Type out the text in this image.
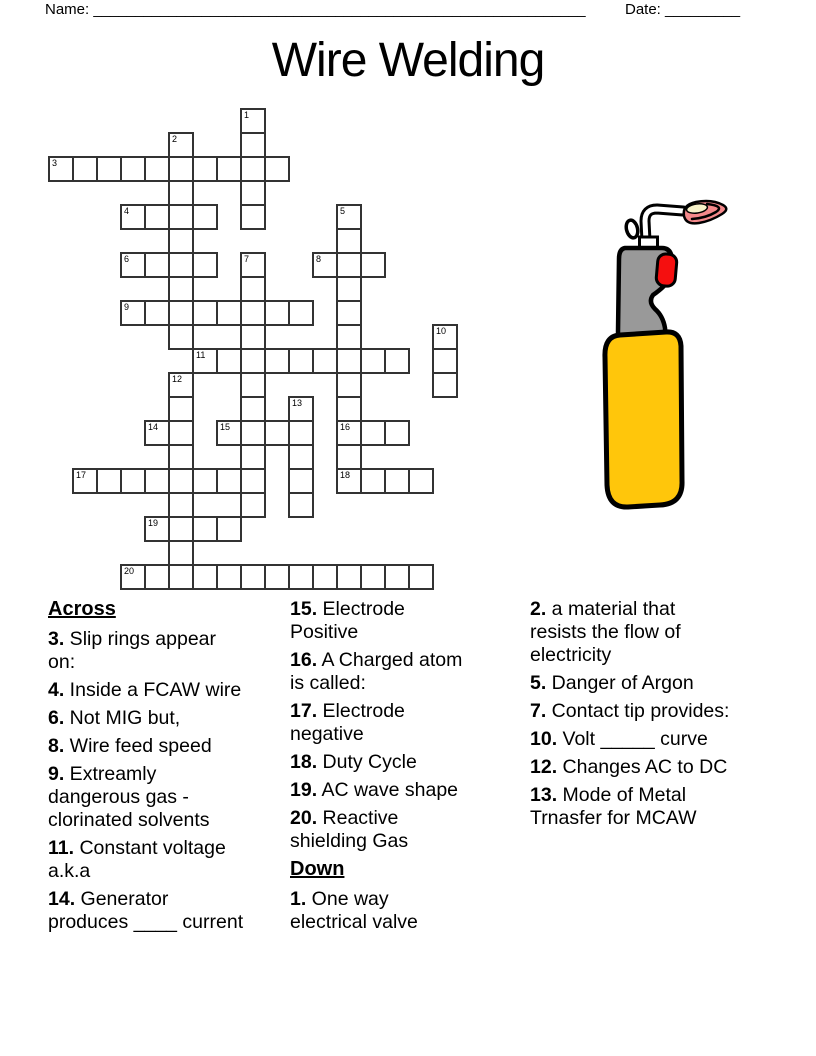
Name: ___________________________________________________________	Date: _________
Wire Welding
1
2
3
4	5
16
18
6	7	8
9
10
11
12
13
14	15
17
19
20
Across
3. Slip rings appear on:
4. Inside a FCAW wire
6. Not MIG but,
8. Wire feed speed
9. Extreamly dangerous gas - clorinated solvents
11. Constant voltage a.k.a
14. Generator produces ____ current
15. Electrode Positive
16. A Charged atom is called:
17. Electrode negative
18. Duty Cycle
19. AC wave shape
20. Reactive shielding Gas
Down
1. One way electrical valve
2. a material that resists the flow of electricity
5. Danger of Argon
7. Contact tip provides:
10. Volt _____ curve
12. Changes AC to DC
13. Mode of Metal Trnasfer for MCAW
